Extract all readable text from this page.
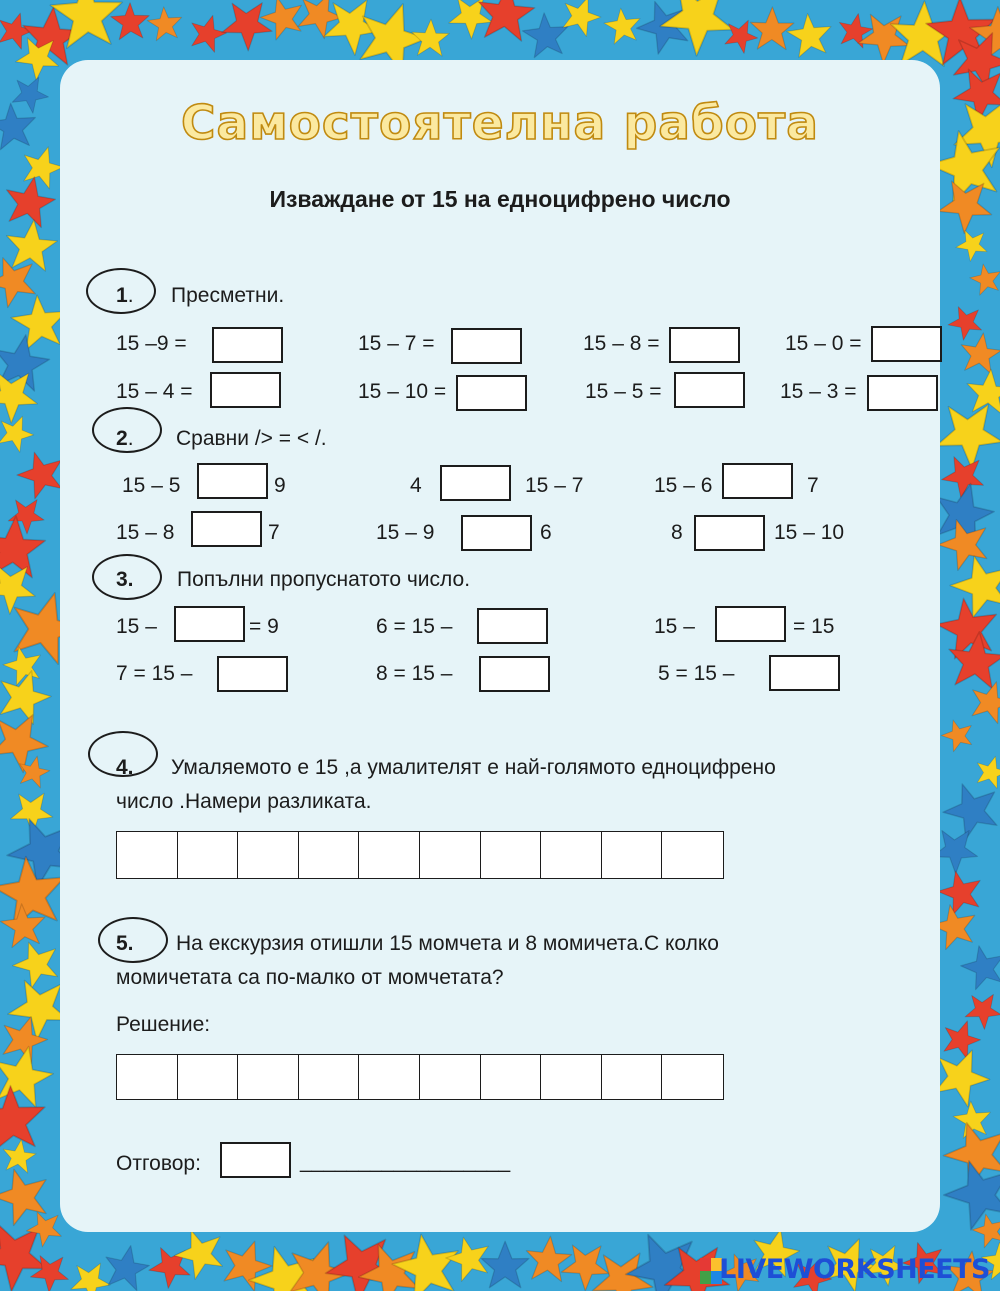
Самостоятелна работа
Изваждане от 15 на едноцифрено число
1. Пресметни.
15 –9 =	15 – 7 =	15 – 8 =	15 – 0 =
15 – 4 =	15 – 10 =	15 – 5 =	15 – 3 =
2. Сравни /> = < /.
15 – 5	9	4	15 – 7	15 – 6	7
15 – 8	7	15 – 9	6	8	15 – 10
3. Попълни пропуснатото число.
15 –	= 9	6 = 15 –	15 –	= 15
7 = 15 –	8 = 15 –	5 = 15 –
4. Умаляемото е 15 ,а умалителят е най-голямото едноцифрено
число .Намери разликата.
5. На екскурзия отишли 15 момчета и 8 момичета.С колко
момичетата са по-малко от момчетата?
Решение:
Отговор:	__________________
LIVEWORKSHEETS
